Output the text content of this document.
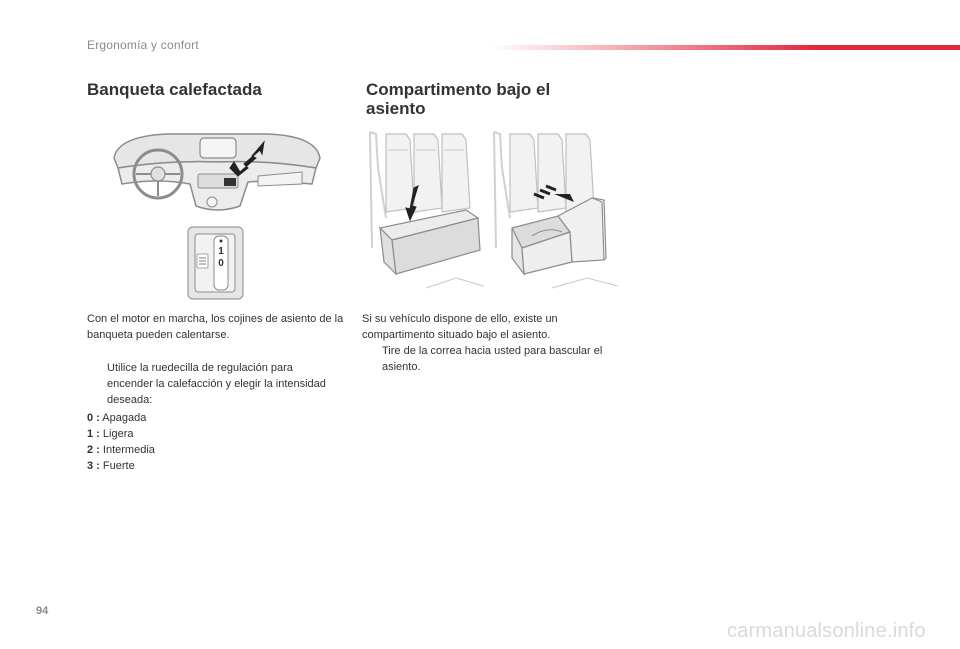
Ergonomía y confort
Banqueta calefactada
1
0
Con el motor en marcha, los cojines de asiento de la banqueta pueden calentarse.
Utilice la ruedecilla de regulación para encender la calefacción y elegir la intensidad deseada:
0 : Apagada
1 : Ligera
2 : Intermedia
3 : Fuerte
Compartimento bajo el asiento
Si su vehículo dispone de ello, existe un compartimento situado bajo el asiento.
Tire de la correa hacia usted para bascular el asiento.
94
carmanualsonline.info
